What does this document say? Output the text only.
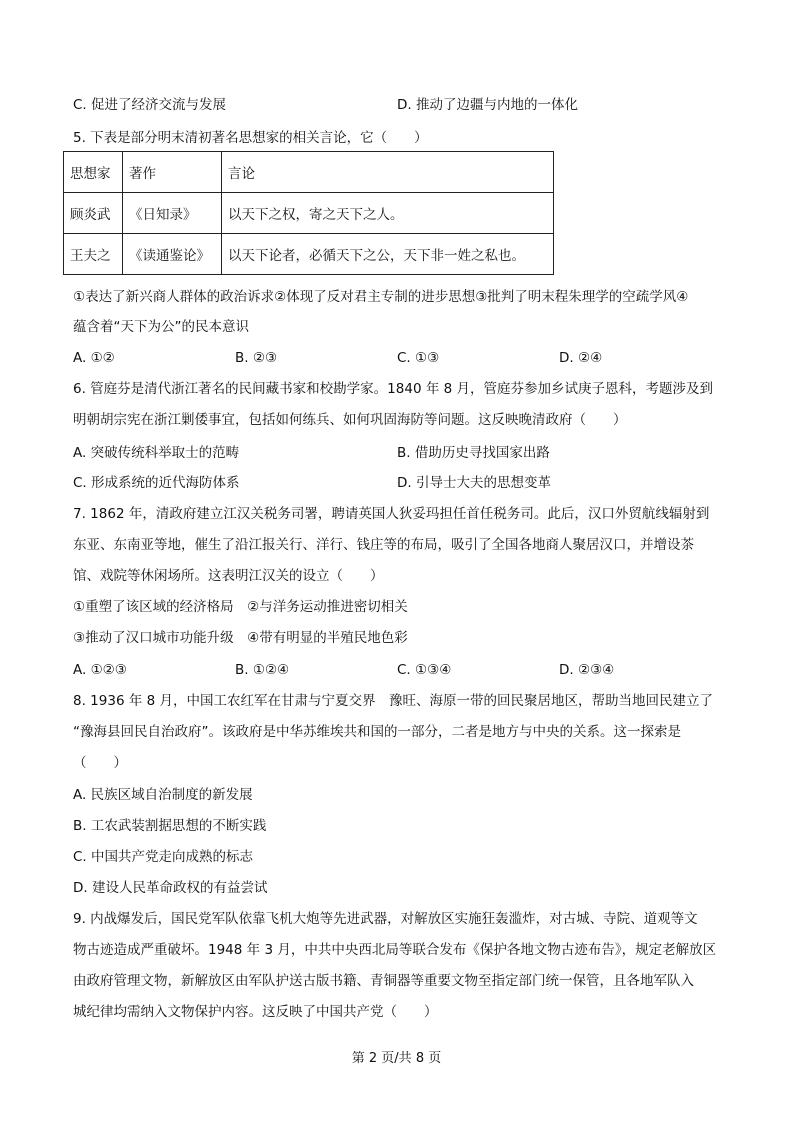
C. 促进了经济交流与发展	D. 推动了边疆与内地的一体化
5. 下表是部分明末清初著名思想家的相关言论，它（　　）
思想家	著作	言论
顾炎武	《日知录》	以天下之权，寄之天下之人。
王夫之	《读通鉴论》	以天下论者，必循天下之公，天下非一姓之私也。
①表达了新兴商人群体的政治诉求②体现了反对君主专制的进步思想③批判了明末程朱理学的空疏学风④
蕴含着“天下为公”的民本意识
A. ①②	B. ②③	C. ①③	D. ②④
6. 管庭芬是清代浙江著名的民间藏书家和校勘学家。1840 年 8 月，管庭芬参加乡试庚子恩科，考题涉及到
明朝胡宗宪在浙江剿倭事宜，包括如何练兵、如何巩固海防等问题。这反映晚清政府（　　）
A. 突破传统科举取士的范畴	B. 借助历史寻找国家出路
C. 形成系统的近代海防体系	D. 引导士大夫的思想变革
7. 1862 年，清政府建立江汉关税务司署，聘请英国人狄妥玛担任首任税务司。此后，汉口外贸航线辐射到
东亚、东南亚等地，催生了沿江报关行、洋行、钱庄等的布局，吸引了全国各地商人聚居汉口，并增设茶
馆、戏院等休闲场所。这表明江汉关的设立（　　）
①重塑了该区域的经济格局　②与洋务运动推进密切相关
③推动了汉口城市功能升级　④带有明显的半殖民地色彩
A. ①②③	B. ①②④	C. ①③④	D. ②③④
8. 1936 年 8 月，中国工农红军在甘肃与宁夏交界　豫旺、海原一带的回民聚居地区，帮助当地回民建立了
“豫海县回民自治政府”。该政府是中华苏维埃共和国的一部分，二者是地方与中央的关系。这一探索是
（　　）
A. 民族区域自治制度的新发展
B. 工农武装割据思想的不断实践
C. 中国共产党走向成熟的标志
D. 建设人民革命政权的有益尝试
9. 内战爆发后，国民党军队依靠飞机大炮等先进武器，对解放区实施狂轰滥炸，对古城、寺院、道观等文
物古迹造成严重破坏。1948 年 3 月，中共中央西北局等联合发布《保护各地文物古迹布告》，规定老解放区
由政府管理文物，新解放区由军队护送古版书籍、青铜器等重要文物至指定部门统一保管，且各地军队入
城纪律均需纳入文物保护内容。这反映了中国共产党（　　）
第 2 页/共 8 页
